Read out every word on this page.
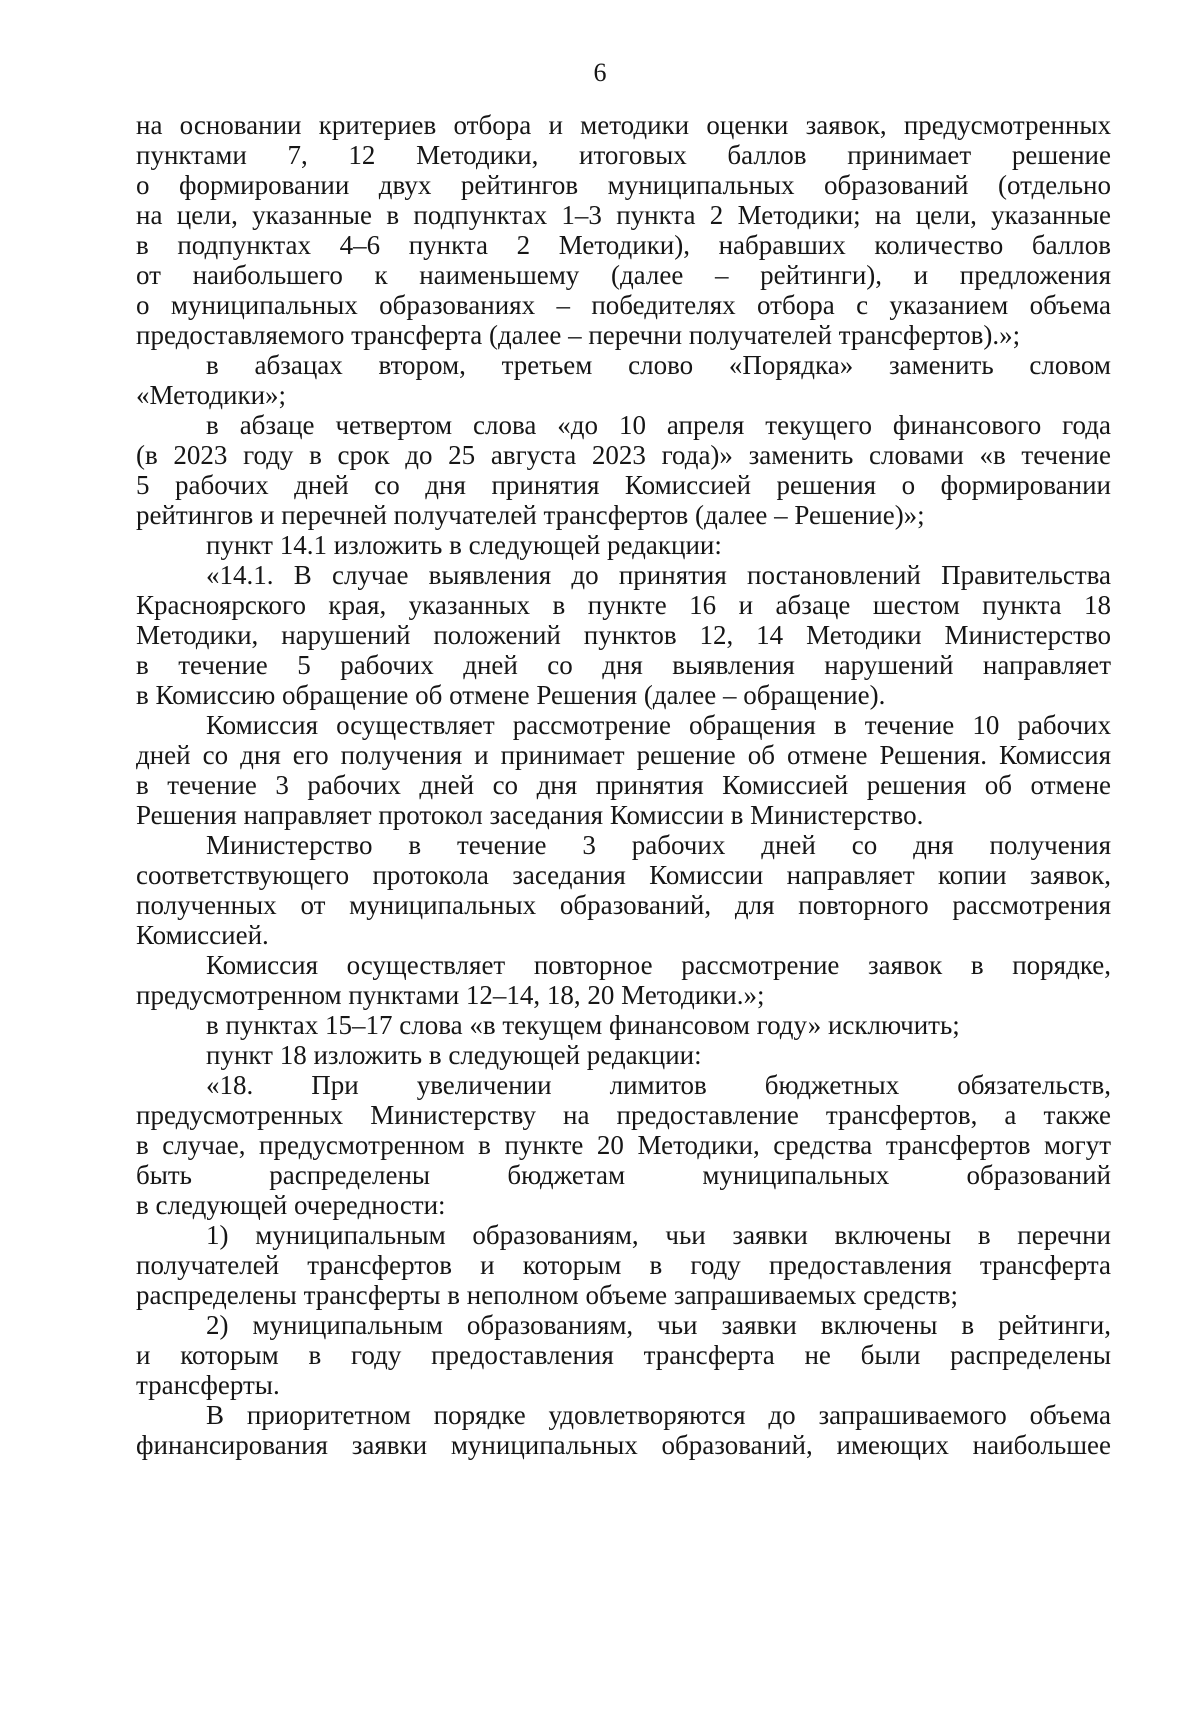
6
на основании критериев отбора и методики оценки заявок, предусмотренных
пунктами 7, 12 Методики, итоговых баллов принимает решение
о формировании двух рейтингов муниципальных образований (отдельно
на цели, указанные в подпунктах 1–3 пункта 2 Методики; на цели, указанные
в подпунктах 4–6 пункта 2 Методики), набравших количество баллов
от наибольшего к наименьшему (далее – рейтинги), и предложения
о муниципальных образованиях – победителях отбора с указанием объема
предоставляемого трансферта (далее – перечни получателей трансфертов).»;
в абзацах втором, третьем слово «Порядка» заменить словом
«Методики»;
в абзаце четвертом слова «до 10 апреля текущего финансового года
(в 2023 году в срок до 25 августа 2023 года)» заменить словами «в течение
5 рабочих дней со дня принятия Комиссией решения о формировании
рейтингов и перечней получателей трансфертов (далее – Решение)»;
пункт 14.1 изложить в следующей редакции:
«14.1. В случае выявления до принятия постановлений Правительства
Красноярского края, указанных в пункте 16 и абзаце шестом пункта 18
Методики, нарушений положений пунктов 12, 14 Методики Министерство
в течение 5 рабочих дней со дня выявления нарушений направляет
в Комиссию обращение об отмене Решения (далее – обращение).
Комиссия осуществляет рассмотрение обращения в течение 10 рабочих
дней со дня его получения и принимает решение об отмене Решения. Комиссия
в течение 3 рабочих дней со дня принятия Комиссией решения об отмене
Решения направляет протокол заседания Комиссии в Министерство.
Министерство в течение 3 рабочих дней со дня получения
соответствующего протокола заседания Комиссии направляет копии заявок,
полученных от муниципальных образований, для повторного рассмотрения
Комиссией.
Комиссия осуществляет повторное рассмотрение заявок в порядке,
предусмотренном пунктами 12–14, 18, 20 Методики.»;
в пунктах 15–17 слова «в текущем финансовом году» исключить;
пункт 18 изложить в следующей редакции:
«18. При увеличении лимитов бюджетных обязательств,
предусмотренных Министерству на предоставление трансфертов, а также
в случае, предусмотренном в пункте 20 Методики, средства трансфертов могут
быть распределены бюджетам муниципальных образований
в следующей очередности:
1) муниципальным образованиям, чьи заявки включены в перечни
получателей трансфертов и которым в году предоставления трансферта
распределены трансферты в неполном объеме запрашиваемых средств;
2) муниципальным образованиям, чьи заявки включены в рейтинги,
и которым в году предоставления трансферта не были распределены
трансферты.
В приоритетном порядке удовлетворяются до запрашиваемого объема
финансирования заявки муниципальных образований, имеющих наибольшее
